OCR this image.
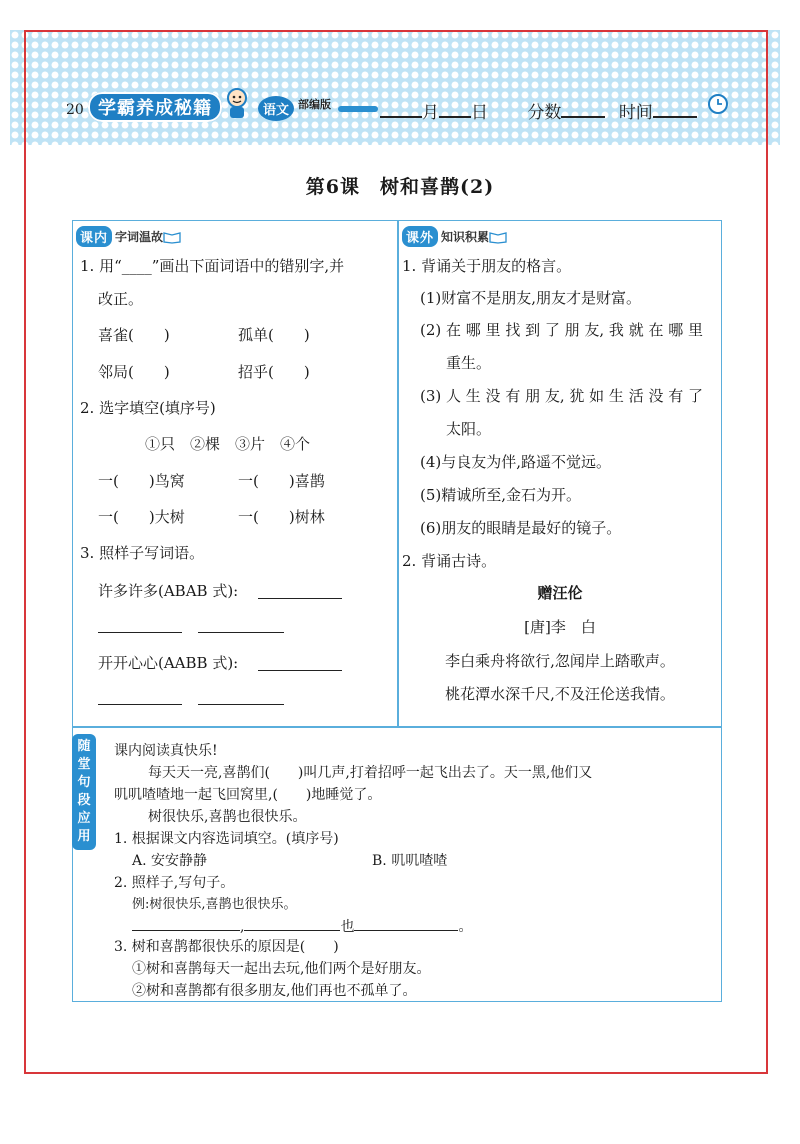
20 学霸养成秘籍	语文 部编版	月 日 分数	时间
第6课　树和喜鹊(2)
课内 字词温故
1. 用“____”画出下面词语中的错别字,并
改正。
喜雀(　　)	孤单(　　)
邻局(　　)	招乎(　　)
2. 选字填空(填序号)
①只　②棵　③片　④个
一(　　)鸟窝	一(　　)喜鹊
一(　　)大树	一(　　)树林
3. 照样子写词语。
许多许多(ABAB 式):
开开心心(AABB 式):
课外 知识积累
1. 背诵关于朋友的格言。
(1)财富不是朋友,朋友才是财富。
(2) 在 哪 里 找 到 了 朋 友, 我 就 在 哪 里
重生。
(3) 人 生 没 有 朋 友, 犹 如 生 活 没 有 了
太阳。
(4)与良友为伴,路遥不觉远。
(5)精诚所至,金石为开。
(6)朋友的眼睛是最好的镜子。
2. 背诵古诗。
赠汪伦
[唐]李　白
李白乘舟将欲行,忽闻岸上踏歌声。
桃花潭水深千尺,不及汪伦送我情。
随
堂
句
段
应
用
课内阅读真快乐!
每天天一亮,喜鹊们(　　)叫几声,打着招呼一起飞出去了。天一黑,他们又
叽叽喳喳地一起飞回窝里,(　　)地睡觉了。
树很快乐,喜鹊也很快乐。
1. 根据课文内容选词填空。(填序号)
A. 安安静静	B. 叽叽喳喳
2. 照样子,写句子。
例:树很快乐,喜鹊也很快乐。
,	也	。
3. 树和喜鹊都很快乐的原因是(　　)
①树和喜鹊每天一起出去玩,他们两个是好朋友。
②树和喜鹊都有很多朋友,他们再也不孤单了。
